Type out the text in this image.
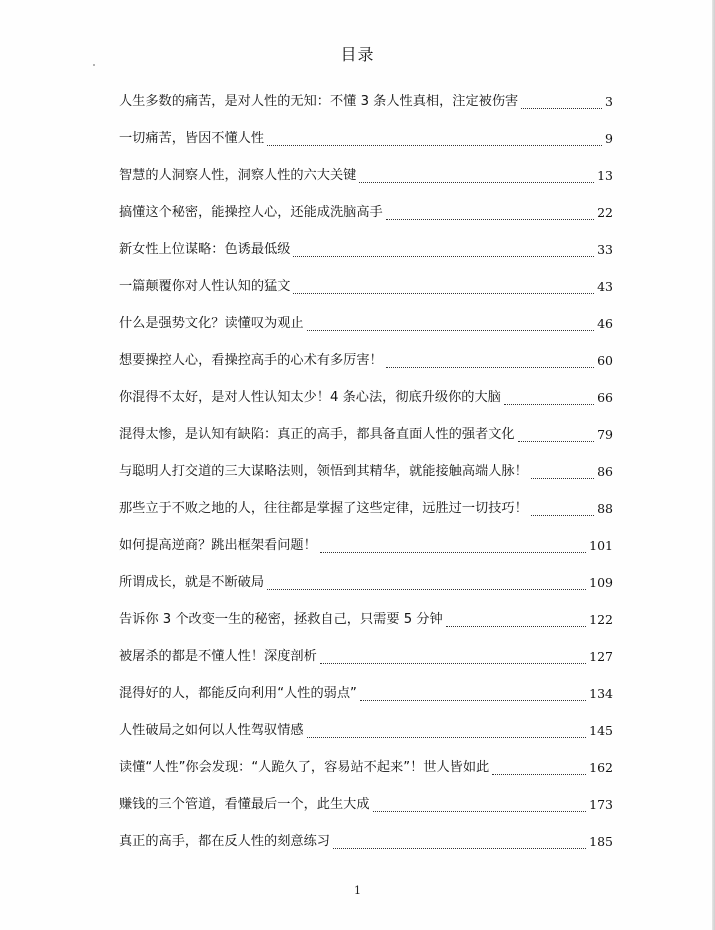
目录
人生多数的痛苦，是对人性的无知：不懂 3 条人性真相，注定被伤害	3
一切痛苦，皆因不懂人性	9
智慧的人洞察人性，洞察人性的六大关键	13
搞懂这个秘密，能操控人心，还能成洗脑高手	22
新女性上位谋略：色诱最低级	33
一篇颠覆你对人性认知的猛文	43
什么是强势文化？读懂叹为观止	46
想要操控人心，看操控高手的心术有多厉害！	60
你混得不太好，是对人性认知太少！4 条心法，彻底升级你的大脑	66
混得太惨，是认知有缺陷：真正的高手，都具备直面人性的强者文化	79
与聪明人打交道的三大谋略法则，领悟到其精华，就能接触高端人脉！	86
那些立于不败之地的人，往往都是掌握了这些定律，远胜过一切技巧！	88
如何提高逆商？跳出框架看问题！	101
所谓成长，就是不断破局	109
告诉你 3 个改变一生的秘密，拯救自己，只需要 5 分钟	122
被屠杀的都是不懂人性！深度剖析	127
混得好的人，都能反向利用“人性的弱点”	134
人性破局之如何以人性驾驭情感	145
读懂“人性”你会发现：“人跪久了，容易站不起来”！世人皆如此	162
赚钱的三个管道，看懂最后一个，此生大成	173
真正的高手，都在反人性的刻意练习	185
1
